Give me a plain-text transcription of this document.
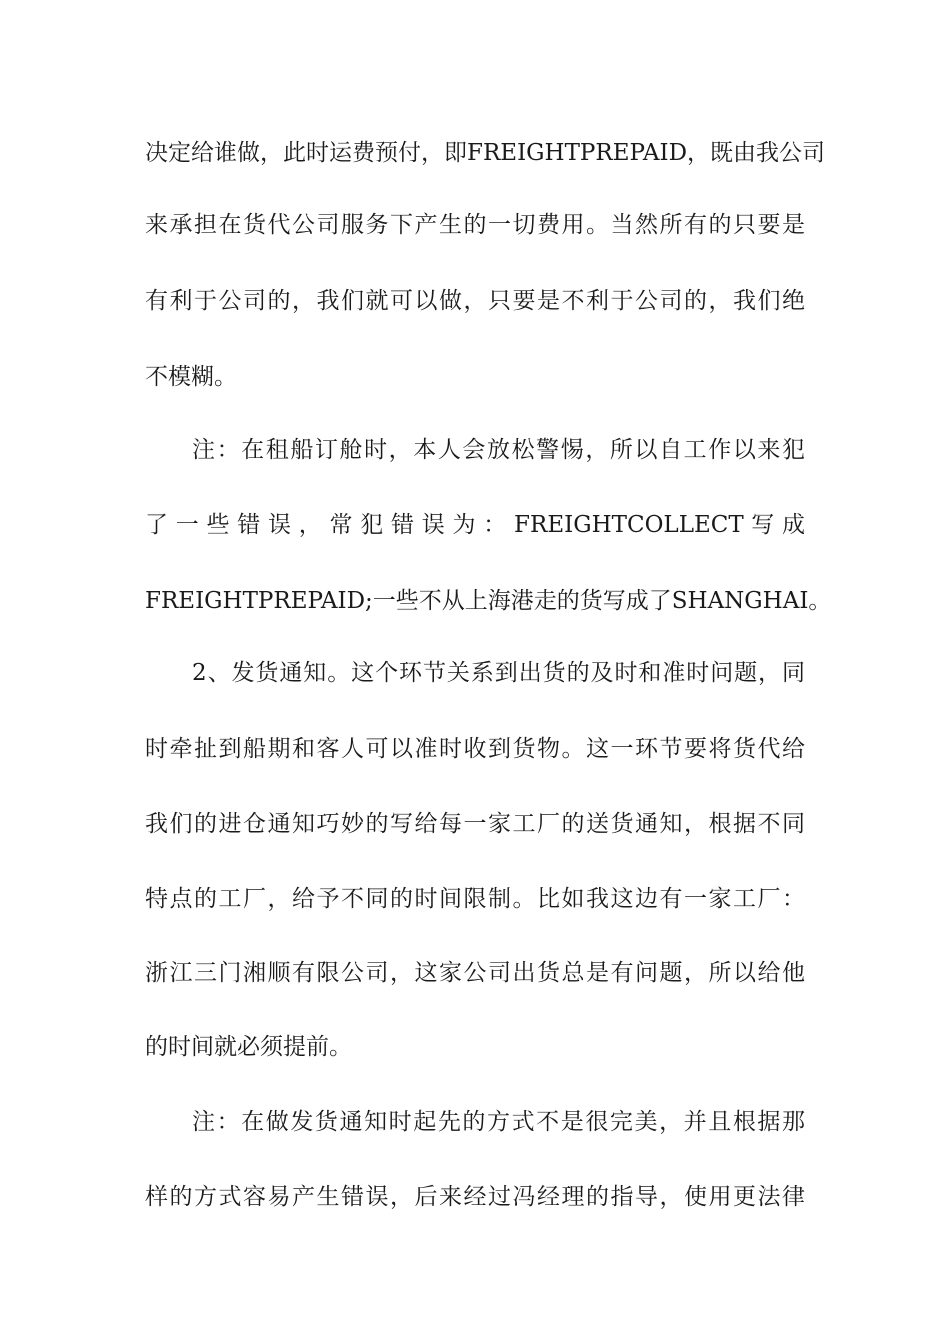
决定给谁做，此时运费预付，即FREIGHTPREPAID，既由我公司
来承担在货代公司服务下产生的一切费用。当然所有的只要是
有利于公司的，我们就可以做，只要是不利于公司的，我们绝
不模糊。
注：在租船订舱时，本人会放松警惕，所以自工作以来犯
了 一 些 错 误 ， 常 犯 错 误 为 ： FREIGHTCOLLECT 写 成
FREIGHTPREPAID;一些不从上海港走的货写成了SHANGHAI。
2、发货通知。这个环节关系到出货的及时和准时问题，同
时牵扯到船期和客人可以准时收到货物。这一环节要将货代给
我们的进仓通知巧妙的写给每一家工厂的送货通知，根据不同
特点的工厂，给予不同的时间限制。比如我这边有一家工厂：
浙江三门湘顺有限公司，这家公司出货总是有问题，所以给他
的时间就必须提前。
注：在做发货通知时起先的方式不是很完美，并且根据那
样的方式容易产生错误，后来经过冯经理的指导，使用更法律
